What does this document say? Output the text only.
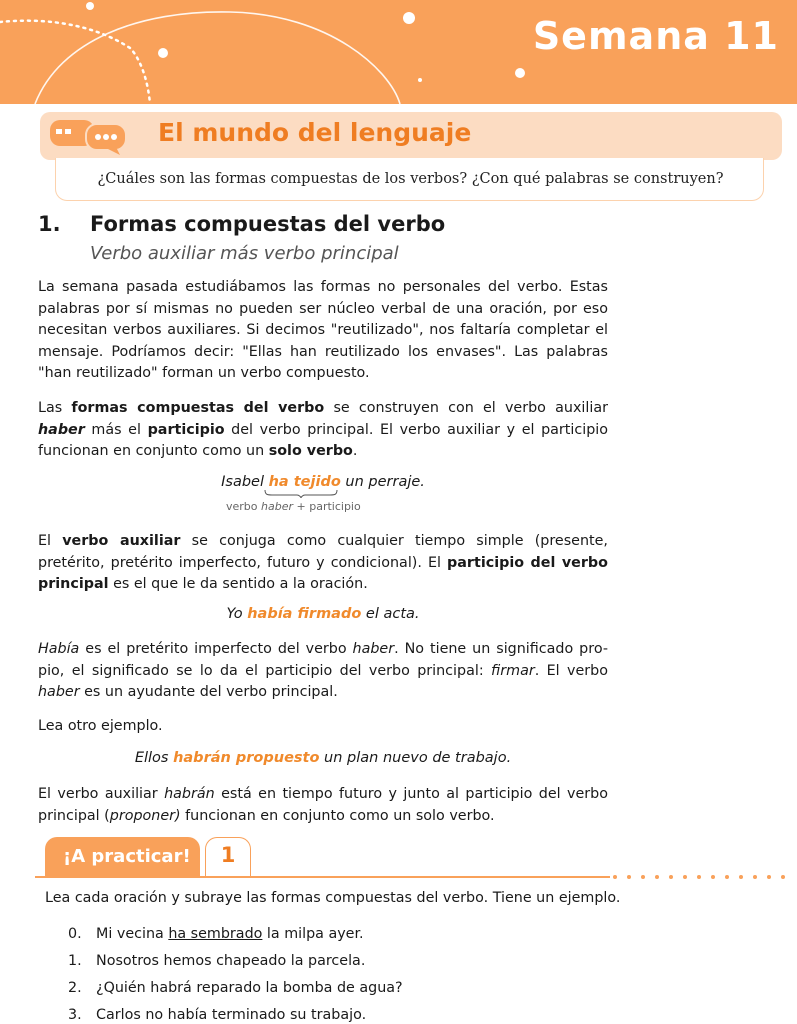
Semana 11
El mundo del lenguaje
¿Cuáles son las formas compuestas de los verbos? ¿Con qué palabras se construyen?
1. Formas compuestas del verbo
Verbo auxiliar más verbo principal
La semana pasada estudiábamos las formas no personales del verbo. Estas palabras por sí mismas no pueden ser núcleo verbal de una oración, por eso necesitan verbos auxiliares. Si decimos "reutilizado", nos faltaría completar el mensaje. Podríamos decir: "Ellas han reutilizado los envases". Las palabras "han reutilizado" forman un verbo compuesto.
Las formas compuestas del verbo se construyen con el verbo auxiliar haber más el participio del verbo principal. El verbo auxiliar y el participio funcionan en conjunto como un solo verbo.
Isabel ha tejido un perraje.
verbo haber + participio
El verbo auxiliar se conjuga como cualquier tiempo simple (presente, pretérito, pretérito imperfecto, futuro y condicional). El participio del verbo principal es el que le da sentido a la oración.
Yo había firmado el acta.
Había es el pretérito imperfecto del verbo haber. No tiene un significado pro-pio, el significado se lo da el participio del verbo principal: firmar. El verbo haber es un ayudante del verbo principal.
Lea otro ejemplo.
Ellos habrán propuesto un plan nuevo de trabajo.
El verbo auxiliar habrán está en tiempo futuro y junto al participio del verbo principal (proponer) funcionan en conjunto como un solo verbo.
¡A practicar!	1
Lea cada oración y subraye las formas compuestas del verbo. Tiene un ejemplo.
0. Mi vecina ha sembrado la milpa ayer.
1. Nosotros hemos chapeado la parcela.
2. ¿Quién habrá reparado la bomba de agua?
3. Carlos no había terminado su trabajo.
